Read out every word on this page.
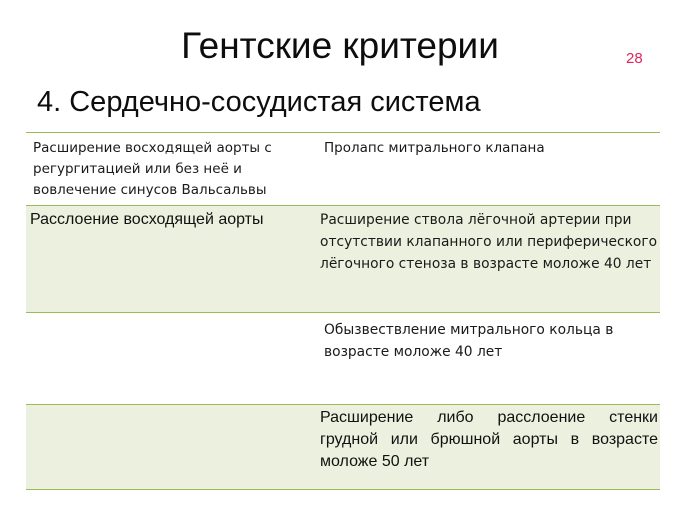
Гентские критерии	28
4. Сердечно-сосудистая система
Расширение восходящей аорты с регургитацией или без неё и вовлечение синусов Вальсальвы
Пролапс митрального клапана
Расслоение восходящей аорты	Расширение ствола лёгочной артерии при отсутствии клапанного или периферического лёгочного стеноза в возрасте моложе 40 лет
Обызвествление митрального кольца в возрасте моложе 40 лет
Расширение либо расслоение стенки грудной или брюшной аорты в возрасте моложе 50 лет
